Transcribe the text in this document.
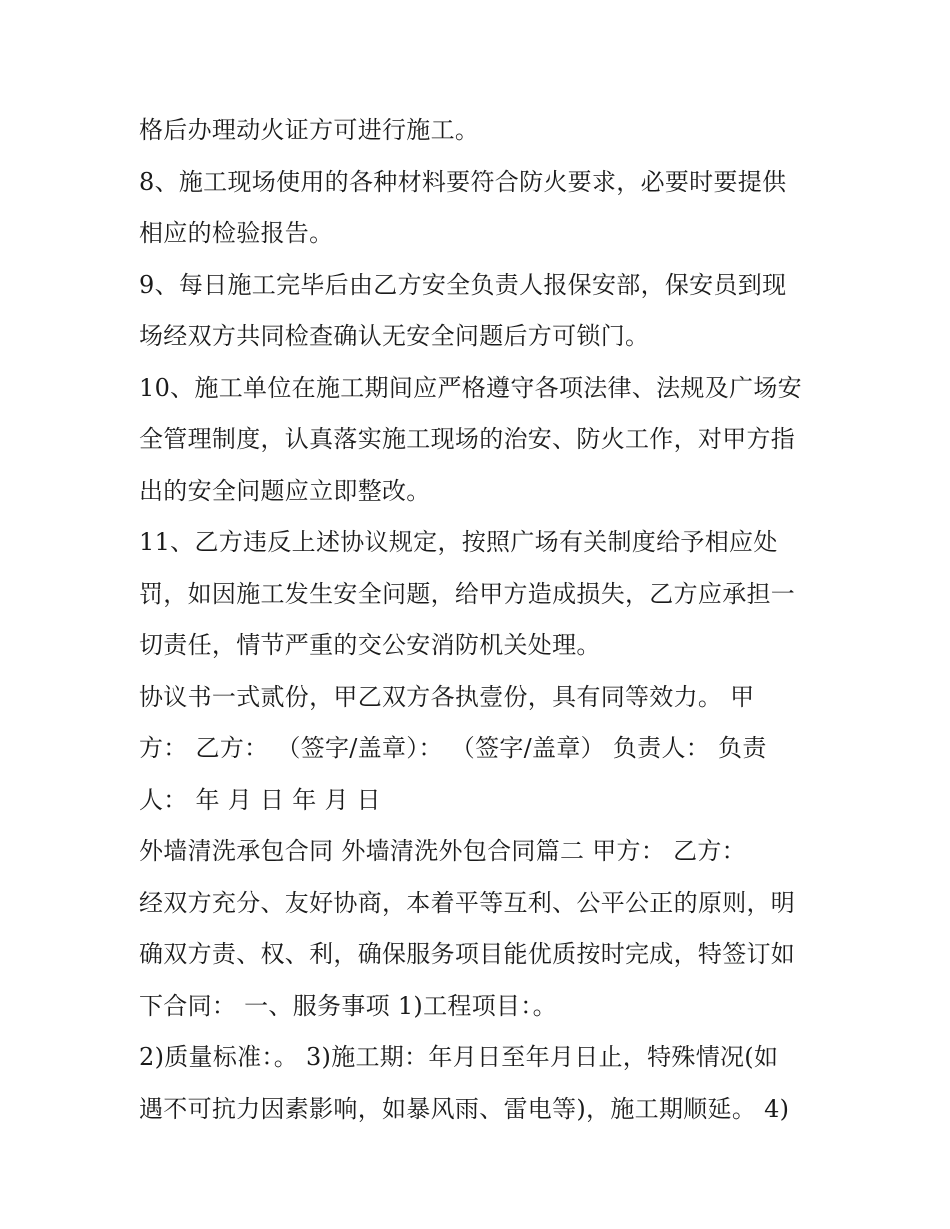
格后办理动火证方可进行施工。
8、施工现场使用的各种材料要符合防火要求，必要时要提供
相应的检验报告。
9、每日施工完毕后由乙方安全负责人报保安部，保安员到现
场经双方共同检查确认无安全问题后方可锁门。
10、施工单位在施工期间应严格遵守各项法律、法规及广场安
全管理制度，认真落实施工现场的治安、防火工作，对甲方指
出的安全问题应立即整改。
11、乙方违反上述协议规定，按照广场有关制度给予相应处
罚，如因施工发生安全问题，给甲方造成损失，乙方应承担一
切责任，情节严重的交公安消防机关处理。
协议书一式贰份，甲乙双方各执壹份，具有同等效力。 甲
方： 乙方： （签字/盖章）： （签字/盖章） 负责人： 负责
人： 年 月 日 年 月 日
外墙清洗承包合同 外墙清洗外包合同篇二 甲方： 乙方：
经双方充分、友好协商，本着平等互利、公平公正的原则，明
确双方责、权、利，确保服务项目能优质按时完成，特签订如
下合同： 一、服务事项 1)工程项目：。
2)质量标准：。 3)施工期：年月日至年月日止，特殊情况(如
遇不可抗力因素影响，如暴风雨、雷电等)，施工期顺延。 4)
